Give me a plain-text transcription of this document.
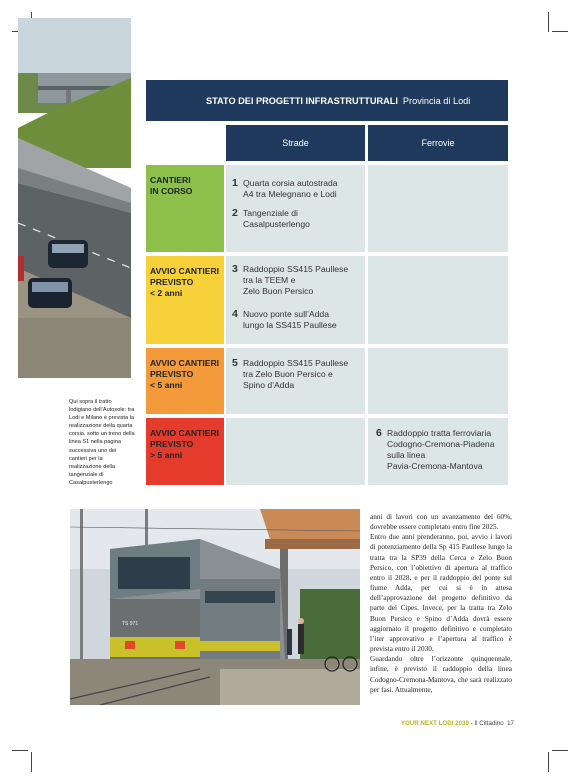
Qui sopra il tratto lodigiano dell’Autosole: tra Lodi e Milano è prevista la realizzazione della quarta corsia. sotto un treno della linea S1 nella pagina successiva uno dei cantieri per la realizzazione della tangenziale di Casalpusterlengo
STATO DEI PROGETTI INFRASTRUTTURALI Provincia di Lodi
Strade	Ferrovie
CANTIERI
IN CORSO
1 Quarta corsia autostrada
A4 tra Melegnano e Lodi
2 Tangenziale di
Casalpusterlengo
AVVIO CANTIERI
PREVISTO
< 2 anni
3 Raddoppio SS415 Paullese
tra la TEEM e
Zelo Buon Persico
4 Nuovo ponte sull’Adda
lungo la SS415 Paullese
AVVIO CANTIERI
PREVISTO
< 5 anni
5 Raddoppio SS415 Paullese
tra Zelo Buon Persico e
Spino d’Adda
AVVIO CANTIERI
PREVISTO
> 5 anni
6 Raddoppio tratta ferroviaria
Codogno-Cremona-Piadena
sulla linea
Pavia-Cremona-Mantova
TS 971

anni di lavori con un avanzamento del 60%, dovrebbe essere completato entro fine 2025.

Entro due anni prenderanno, poi, avvio i lavori di potenziamento della Sp 415 Paullese lungo la tratta tra la SP39 della Cerca e Zelo Buon Persico, con l’obiettivo di apertura al traffico entro il 2028, e per il raddoppio del ponte sul fiume Adda, per cui si è in attesa dell’approvazione del progetto definitivo da parte del Cipes. Invece, per la tratta tra Zelo Buon Persico e Spino d’Adda dovrà essere aggiornato il progetto definitivo e completato l’iter approvativo e l’apertura al traffico è prevista entro il 2030.

Guardando oltre l’orizzonte quinquennale, infine, è previsto il raddoppio della linea Codogno-Cremona-Mantova, che sarà realizzato per fasi. Attualmente,

YOUR NEXT LODI 2030 - Il Cittadino 17
